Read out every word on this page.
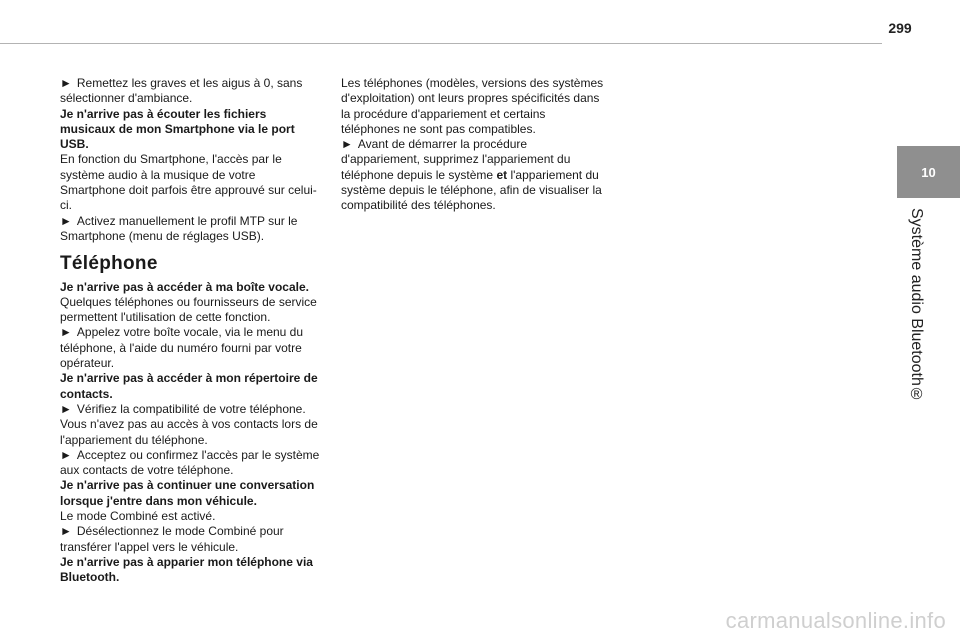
299
10
Système audio Bluetooth®

► Remettez les graves et les aigus à 0, sans sélectionner d'ambiance.

Je n'arrive pas à écouter les fichiers musicaux de mon Smartphone via le port USB.

En fonction du Smartphone, l'accès par le système audio à la musique de votre Smartphone doit parfois être approuvé sur celui-ci.

► Activez manuellement le profil MTP sur le Smartphone (menu de réglages USB).

Téléphone

Je n'arrive pas à accéder à ma boîte vocale.

Quelques téléphones ou fournisseurs de service permettent l'utilisation de cette fonction.

► Appelez votre boîte vocale, via le menu du téléphone, à l'aide du numéro fourni par votre opérateur.

Je n'arrive pas à accéder à mon répertoire de contacts.

► Vérifiez la compatibilité de votre téléphone.

Vous n'avez pas au accès à vos contacts lors de l'appariement du téléphone.

► Acceptez ou confirmez l'accès par le système aux contacts de votre téléphone.

Je n'arrive pas à continuer une conversation lorsque j'entre dans mon véhicule.

Le mode Combiné est activé.

► Désélectionnez le mode Combiné pour transférer l'appel vers le véhicule.

Je n'arrive pas à apparier mon téléphone via Bluetooth.

Les téléphones (modèles, versions des systèmes d'exploitation) ont leurs propres spécificités dans la procédure d'appariement et certains téléphones ne sont pas compatibles.

► Avant de démarrer la procédure d'appariement, supprimez l'appariement du téléphone depuis le système et l'appariement du système depuis le téléphone, afin de visualiser la compatibilité des téléphones.

carmanualsonline.info
